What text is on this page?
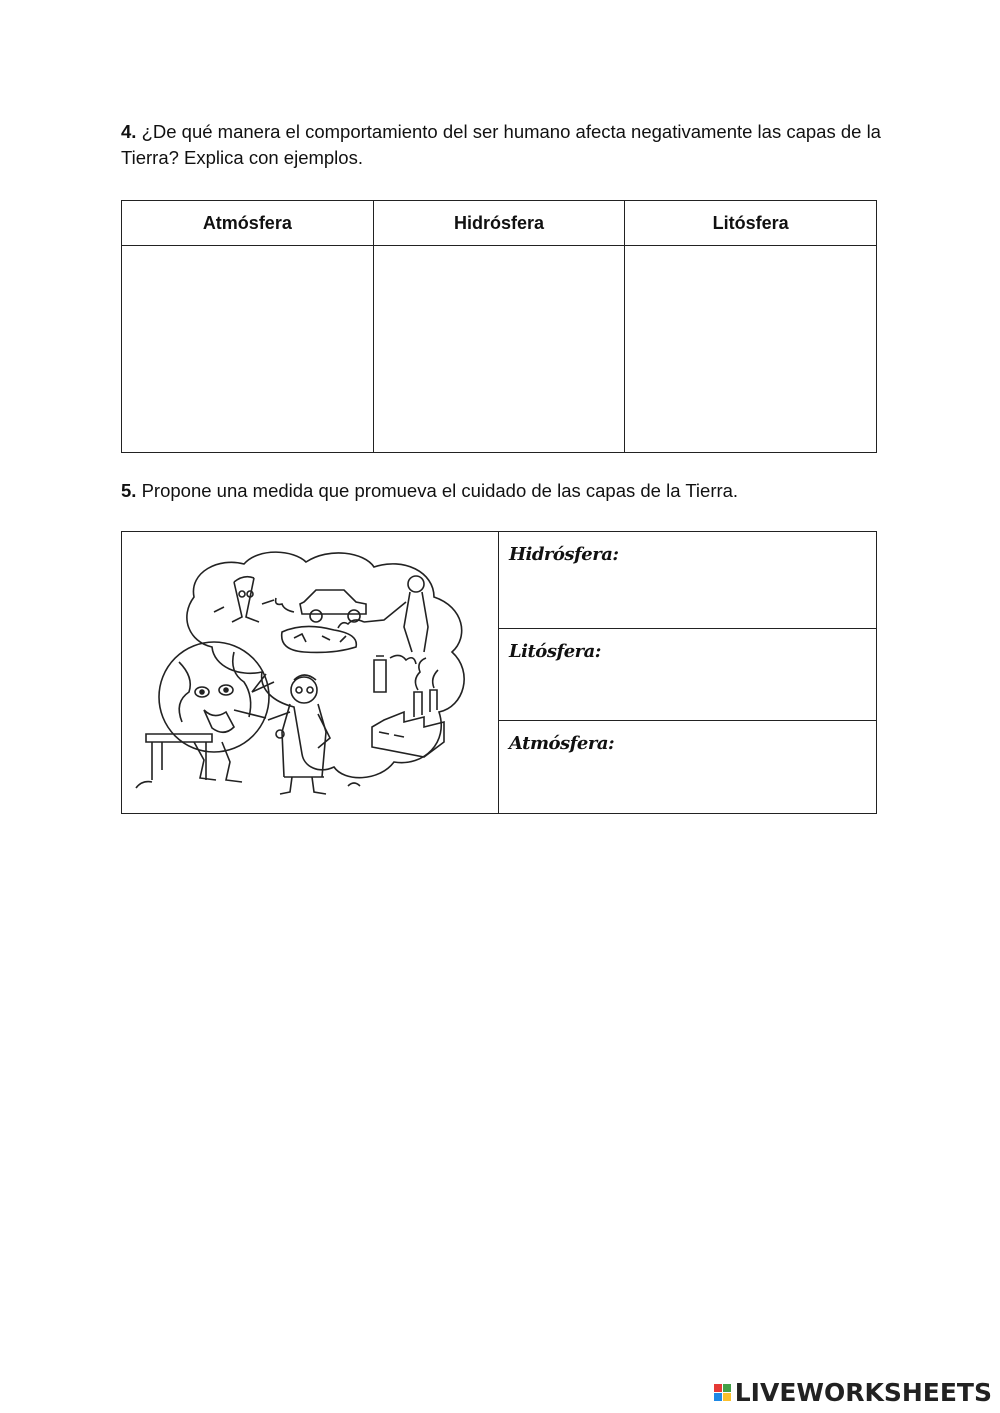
4. ¿De qué manera el comportamiento del ser humano afecta negativamente las capas de la Tierra? Explica con ejemplos.
Atmósfera	Hidrósfera	Litósfera

5. Propone una medida que promueva el cuidado de las capas de la Tierra.
Hidrósfera:
Litósfera:
Atmósfera:
LIVEWORKSHEETS
